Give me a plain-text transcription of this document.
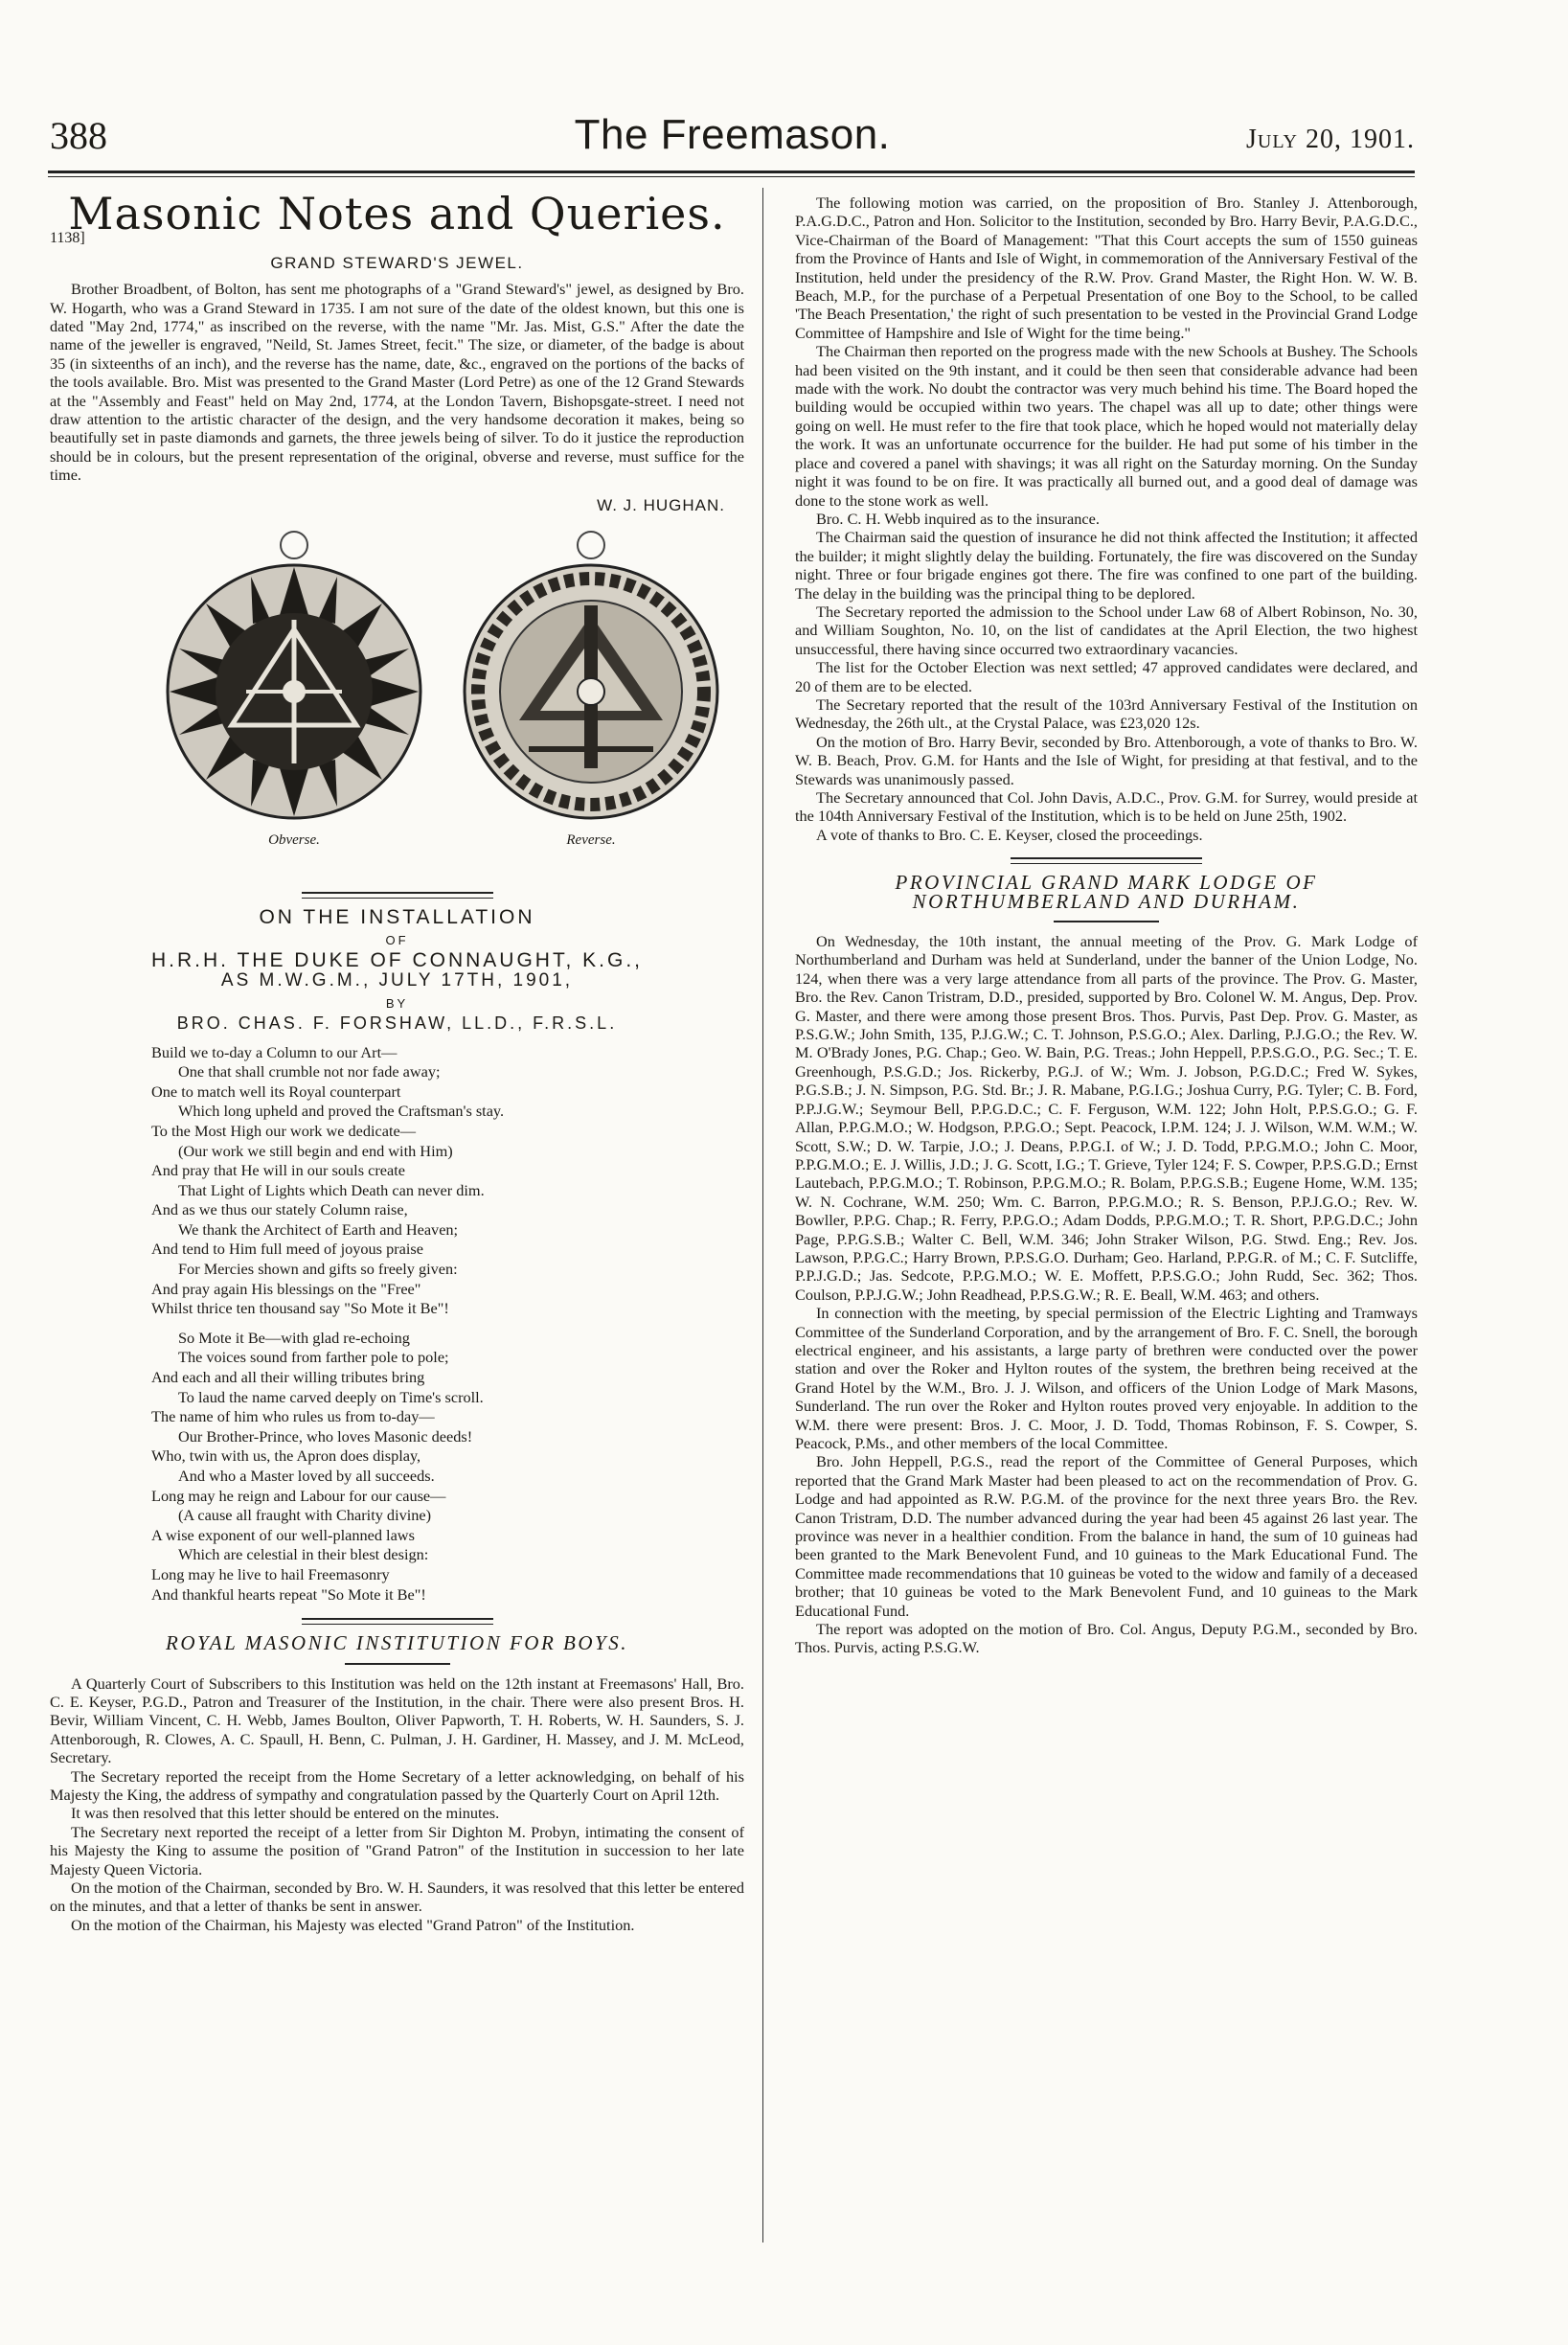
388	The Freemason.	July 20, 1901.
Masonic Notes and Queries.
1138]
GRAND STEWARD'S JEWEL.

Brother Broadbent, of Bolton, has sent me photographs of a "Grand Steward's" jewel, as designed by Bro. W. Hogarth, who was a Grand Steward in 1735. I am not sure of the date of the oldest known, but this one is dated "May 2nd, 1774," as inscribed on the reverse, with the name "Mr. Jas. Mist, G.S." After the date the name of the jeweller is engraved, "Neild, St. James Street, fecit." The size, or diameter, of the badge is about 35 (in sixteenths of an inch), and the reverse has the name, date, &c., engraved on the portions of the backs of the tools available. Bro. Mist was presented to the Grand Master (Lord Petre) as one of the 12 Grand Stewards at the "Assembly and Feast" held on May 2nd, 1774, at the London Tavern, Bishopsgate-street. I need not draw attention to the artistic character of the design, and the very handsome decoration it makes, being so beautifully set in paste diamonds and garnets, the three jewels being of silver. To do it justice the reproduction should be in colours, but the present representation of the original, obverse and reverse, must suffice for the time.

W. J. HUGHAN.
Obverse.	Reverse.
ON THE INSTALLATION
OF
H.R.H. THE DUKE OF CONNAUGHT, K.G.,
AS M.W.G.M., JULY 17TH, 1901,
BY
BRO. CHAS. F. FORSHAW, LL.D., F.R.S.L.
Build we to-day a Column to our Art—
One that shall crumble not nor fade away;
One to match well its Royal counterpart
Which long upheld and proved the Craftsman's stay.
To the Most High our work we dedicate—
(Our work we still begin and end with Him)
And pray that He will in our souls create
That Light of Lights which Death can never dim.
And as we thus our stately Column raise,
We thank the Architect of Earth and Heaven;
And tend to Him full meed of joyous praise
For Mercies shown and gifts so freely given:
And pray again His blessings on the "Free"
Whilst thrice ten thousand say "So Mote it Be"!
So Mote it Be—with glad re-echoing
The voices sound from farther pole to pole;
And each and all their willing tributes bring
To laud the name carved deeply on Time's scroll.
The name of him who rules us from to-day—
Our Brother-Prince, who loves Masonic deeds!
Who, twin with us, the Apron does display,
And who a Master loved by all succeeds.
Long may he reign and Labour for our cause—
(A cause all fraught with Charity divine)
A wise exponent of our well-planned laws
Which are celestial in their blest design:
Long may he live to hail Freemasonry
And thankful hearts repeat "So Mote it Be"!
ROYAL MASONIC INSTITUTION FOR BOYS.

A Quarterly Court of Subscribers to this Institution was held on the 12th instant at Freemasons' Hall, Bro. C. E. Keyser, P.G.D., Patron and Treasurer of the Institution, in the chair. There were also present Bros. H. Bevir, William Vincent, C. H. Webb, James Boulton, Oliver Papworth, T. H. Roberts, W. H. Saunders, S. J. Attenborough, R. Clowes, A. C. Spaull, H. Benn, C. Pulman, J. H. Gardiner, H. Massey, and J. M. McLeod, Secretary.

The Secretary reported the receipt from the Home Secretary of a letter acknowledging, on behalf of his Majesty the King, the address of sympathy and congratulation passed by the Quarterly Court on April 12th.

It was then resolved that this letter should be entered on the minutes.

The Secretary next reported the receipt of a letter from Sir Dighton M. Probyn, intimating the consent of his Majesty the King to assume the position of "Grand Patron" of the Institution in succession to her late Majesty Queen Victoria.

On the motion of the Chairman, seconded by Bro. W. H. Saunders, it was resolved that this letter be entered on the minutes, and that a letter of thanks be sent in answer.

On the motion of the Chairman, his Majesty was elected "Grand Patron" of the Institution.

The following motion was carried, on the proposition of Bro. Stanley J. Attenborough, P.A.G.D.C., Patron and Hon. Solicitor to the Institution, seconded by Bro. Harry Bevir, P.A.G.D.C., Vice-Chairman of the Board of Management: "That this Court accepts the sum of 1550 guineas from the Province of Hants and Isle of Wight, in commemoration of the Anniversary Festival of the Institution, held under the presidency of the R.W. Prov. Grand Master, the Right Hon. W. W. B. Beach, M.P., for the purchase of a Perpetual Presentation of one Boy to the School, to be called 'The Beach Presentation,' the right of such presentation to be vested in the Provincial Grand Lodge Committee of Hampshire and Isle of Wight for the time being."

The Chairman then reported on the progress made with the new Schools at Bushey. The Schools had been visited on the 9th instant, and it could be then seen that considerable advance had been made with the work. No doubt the contractor was very much behind his time. The Board hoped the building would be occupied within two years. The chapel was all up to date; other things were going on well. He must refer to the fire that took place, which he hoped would not materially delay the work. It was an unfortunate occurrence for the builder. He had put some of his timber in the place and covered a panel with shavings; it was all right on the Saturday morning. On the Sunday night it was found to be on fire. It was practically all burned out, and a good deal of damage was done to the stone work as well.

Bro. C. H. Webb inquired as to the insurance.

The Chairman said the question of insurance he did not think affected the Institution; it affected the builder; it might slightly delay the building. Fortunately, the fire was discovered on the Sunday night. Three or four brigade engines got there. The fire was confined to one part of the building. The delay in the building was the principal thing to be deplored.

The Secretary reported the admission to the School under Law 68 of Albert Robinson, No. 30, and William Soughton, No. 10, on the list of candidates at the April Election, the two highest unsuccessful, there having since occurred two extraordinary vacancies.

The list for the October Election was next settled; 47 approved candidates were declared, and 20 of them are to be elected.

The Secretary reported that the result of the 103rd Anniversary Festival of the Institution on Wednesday, the 26th ult., at the Crystal Palace, was £23,020 12s.

On the motion of Bro. Harry Bevir, seconded by Bro. Attenborough, a vote of thanks to Bro. W. W. B. Beach, Prov. G.M. for Hants and the Isle of Wight, for presiding at that festival, and to the Stewards was unanimously passed.

The Secretary announced that Col. John Davis, A.D.C., Prov. G.M. for Surrey, would preside at the 104th Anniversary Festival of the Institution, which is to be held on June 25th, 1902.

A vote of thanks to Bro. C. E. Keyser, closed the proceedings.

PROVINCIAL GRAND MARK LODGE OF NORTHUMBERLAND AND DURHAM.

On Wednesday, the 10th instant, the annual meeting of the Prov. G. Mark Lodge of Northumberland and Durham was held at Sunderland, under the banner of the Union Lodge, No. 124, when there was a very large attendance from all parts of the province. The Prov. G. Master, Bro. the Rev. Canon Tristram, D.D., presided, supported by Bro. Colonel W. M. Angus, Dep. Prov. G. Master, and there were among those present Bros. Thos. Purvis, Past Dep. Prov. G. Master, as P.S.G.W.; John Smith, 135, P.J.G.W.; C. T. Johnson, P.S.G.O.; Alex. Darling, P.J.G.O.; the Rev. W. M. O'Brady Jones, P.G. Chap.; Geo. W. Bain, P.G. Treas.; John Heppell, P.P.S.G.O., P.G. Sec.; T. E. Greenhough, P.S.G.D.; Jos. Rickerby, P.G.J. of W.; Wm. J. Jobson, P.G.D.C.; Fred W. Sykes, P.G.S.B.; J. N. Simpson, P.G. Std. Br.; J. R. Mabane, P.G.I.G.; Joshua Curry, P.G. Tyler; C. B. Ford, P.P.J.G.W.; Seymour Bell, P.P.G.D.C.; C. F. Ferguson, W.M. 122; John Holt, P.P.S.G.O.; G. F. Allan, P.P.G.M.O.; W. Hodgson, P.P.G.O.; Sept. Peacock, I.P.M. 124; J. J. Wilson, W.M. W.M.; W. Scott, S.W.; D. W. Tarpie, J.O.; J. Deans, P.P.G.I. of W.; J. D. Todd, P.P.G.M.O.; John C. Moor, P.P.G.M.O.; E. J. Willis, J.D.; J. G. Scott, I.G.; T. Grieve, Tyler 124; F. S. Cowper, P.P.S.G.D.; Ernst Lautebach, P.P.G.M.O.; T. Robinson, P.P.G.M.O.; R. Bolam, P.P.G.S.B.; Eugene Home, W.M. 135; W. N. Cochrane, W.M. 250; Wm. C. Barron, P.P.G.M.O.; R. S. Benson, P.P.J.G.O.; Rev. W. Bowller, P.P.G. Chap.; R. Ferry, P.P.G.O.; Adam Dodds, P.P.G.M.O.; T. R. Short, P.P.G.D.C.; John Page, P.P.G.S.B.; Walter C. Bell, W.M. 346; John Straker Wilson, P.G. Stwd. Eng.; Rev. Jos. Lawson, P.P.G.C.; Harry Brown, P.P.S.G.O. Durham; Geo. Harland, P.P.G.R. of M.; C. F. Sutcliffe, P.P.J.G.D.; Jas. Sedcote, P.P.G.M.O.; W. E. Moffett, P.P.S.G.O.; John Rudd, Sec. 362; Thos. Coulson, P.P.J.G.W.; John Readhead, P.P.S.G.W.; R. E. Beall, W.M. 463; and others.

In connection with the meeting, by special permission of the Electric Lighting and Tramways Committee of the Sunderland Corporation, and by the arrangement of Bro. F. C. Snell, the borough electrical engineer, and his assistants, a large party of brethren were conducted over the power station and over the Roker and Hylton routes of the system, the brethren being received at the Grand Hotel by the W.M., Bro. J. J. Wilson, and officers of the Union Lodge of Mark Masons, Sunderland. The run over the Roker and Hylton routes proved very enjoyable. In addition to the W.M. there were present: Bros. J. C. Moor, J. D. Todd, Thomas Robinson, F. S. Cowper, S. Peacock, P.Ms., and other members of the local Committee.

Bro. John Heppell, P.G.S., read the report of the Committee of General Purposes, which reported that the Grand Mark Master had been pleased to act on the recommendation of Prov. G. Lodge and had appointed as R.W. P.G.M. of the province for the next three years Bro. the Rev. Canon Tristram, D.D. The number advanced during the year had been 45 against 26 last year. The province was never in a healthier condition. From the balance in hand, the sum of 10 guineas had been granted to the Mark Benevolent Fund, and 10 guineas to the Mark Educational Fund. The Committee made recommendations that 10 guineas be voted to the widow and family of a deceased brother; that 10 guineas be voted to the Mark Benevolent Fund, and 10 guineas to the Mark Educational Fund.

The report was adopted on the motion of Bro. Col. Angus, Deputy P.G.M., seconded by Bro. Thos. Purvis, acting P.S.G.W.
